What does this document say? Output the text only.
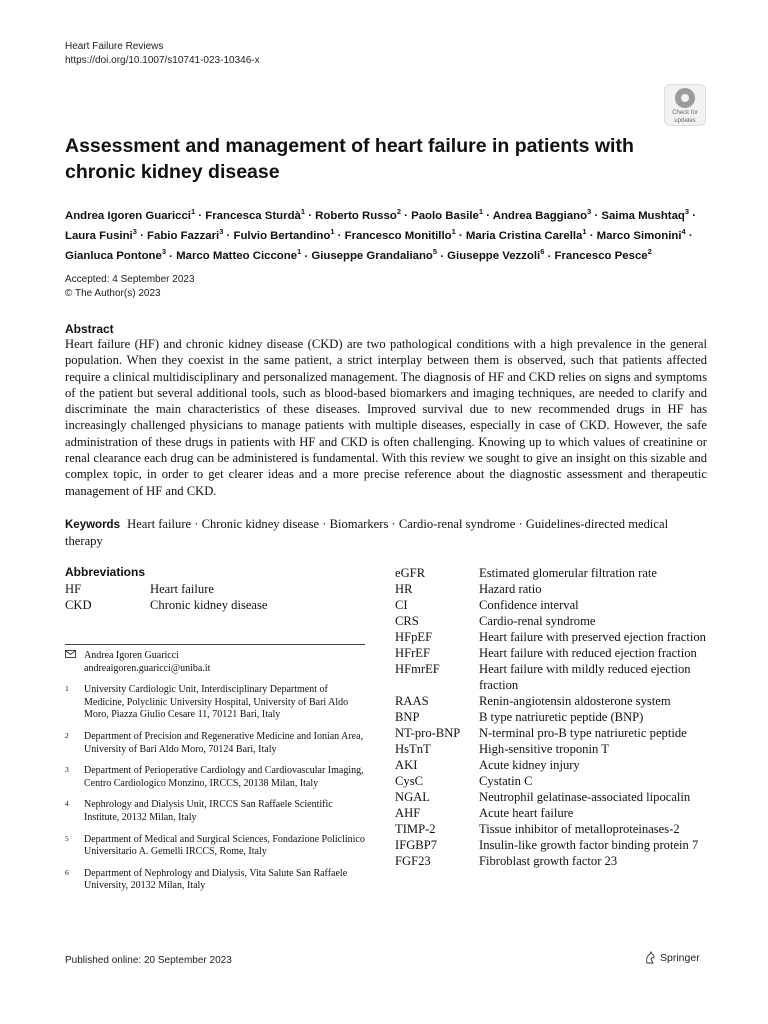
Heart Failure Reviews
https://doi.org/10.1007/s10741-023-10346-x
Check for
updates
Assessment and management of heart failure in patients with chronic kidney disease
Andrea Igoren Guaricci$^1$ · Francesca Sturdà$^1$ · Roberto Russo$^2$ · Paolo Basile$^1$ · Andrea Baggiano$^3$ · Saima Mushtaq$^3$ · Laura Fusini$^3$ · Fabio Fazzari$^3$ · Fulvio Bertandino$^1$ · Francesco Monitillo$^1$ · Maria Cristina Carella$^1$ · Marco Simonini$^4$ · Gianluca Pontone$^3$ · Marco Matteo Ciccone$^1$ · Giuseppe Grandaliano$^5$ · Giuseppe Vezzoli$^6$ · Francesco Pesce$^2$
Accepted: 4 September 2023
© The Author(s) 2023
Abstract
Heart failure (HF) and chronic kidney disease (CKD) are two pathological conditions with a high prevalence in the general population. When they coexist in the same patient, a strict interplay between them is observed, such that patients affected require a clinical multidisciplinary and personalized management. The diagnosis of HF and CKD relies on signs and symptoms of the patient but several additional tools, such as blood-based biomarkers and imaging techniques, are needed to clarify and discriminate the main characteristics of these diseases. Improved survival due to new recommended drugs in HF has increasingly challenged physicians to manage patients with multiple diseases, especially in case of CKD. However, the safe administration of these drugs in patients with HF and CKD is often challenging. Knowing up to which values of creatinine or renal clearance each drug can be administered is fundamental. With this review we sought to give an insight on this sizable and complex topic, in order to get clearer ideas and a more precise reference about the diagnostic assessment and therapeutic management of HF and CKD.
Keywords Heart failure · Chronic kidney disease · Biomarkers · Cardio-renal syndrome · Guidelines-directed medical therapy
Abbreviations
HF	Heart failure
CKD	Chronic kidney disease
eGFR	Estimated glomerular filtration rate
HR	Hazard ratio
CI	Confidence interval
CRS	Cardio-renal syndrome
HFpEF	Heart failure with preserved ejection fraction
HFrEF	Heart failure with reduced ejection fraction
HFmrEF	Heart failure with mildly reduced ejection fraction
RAAS	Renin-angiotensin aldosterone system
BNP	B type natriuretic peptide (BNP)
NT-pro-BNP	N-terminal pro-B type natriuretic peptide
HsTnT	High-sensitive troponin T
AKI	Acute kidney injury
CysC	Cystatin C
NGAL	Neutrophil gelatinase-associated lipocalin
AHF	Acute heart failure
TIMP-2	Tissue inhibitor of metalloproteinases-2
IFGBP7	Insulin-like growth factor binding protein 7
FGF23	Fibroblast growth factor 23
Andrea Igoren Guaricci
andreaigoren.guaricci@uniba.it
1	University Cardiologic Unit, Interdisciplinary Department of Medicine, Polyclinic University Hospital, University of Bari Aldo Moro, Piazza Giulio Cesare 11, 70121 Bari, Italy
2	Department of Precision and Regenerative Medicine and Ionian Area, University of Bari Aldo Moro, 70124 Bari, Italy
3	Department of Perioperative Cardiology and Cardiovascular Imaging, Centro Cardiologico Monzino, IRCCS, 20138 Milan, Italy
4	Nephrology and Dialysis Unit, IRCCS San Raffaele Scientific Institute, 20132 Milan, Italy
5	Department of Medical and Surgical Sciences, Fondazione Policlinico Universitario A. Gemelli IRCCS, Rome, Italy
6	Department of Nephrology and Dialysis, Vita Salute San Raffaele University, 20132 Milan, Italy
Published online: 20 September 2023	Springer
